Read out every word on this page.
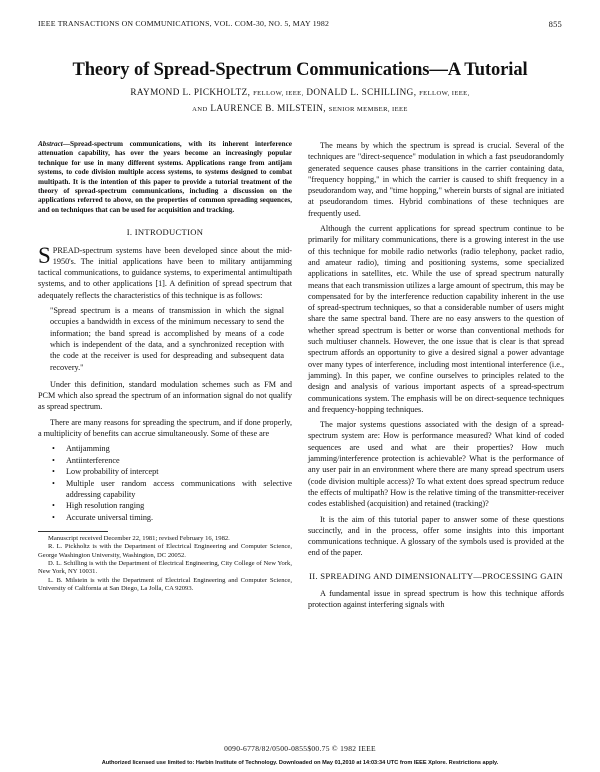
IEEE TRANSACTIONS ON COMMUNICATIONS, VOL. COM-30, NO. 5, MAY 1982	855
Theory of Spread-Spectrum Communications—A Tutorial
RAYMOND L. PICKHOLTZ, FELLOW, IEEE, DONALD L. SCHILLING, FELLOW, IEEE,
AND LAURENCE B. MILSTEIN, SENIOR MEMBER, IEEE
Abstract—Spread-spectrum communications, with its inherent interference attenuation capability, has over the years become an increasingly popular technique for use in many different systems. Applications range from antijam systems, to code division multiple access systems, to systems designed to combat multipath. It is the intention of this paper to provide a tutorial treatment of the theory of spread-spectrum communications, including a discussion on the applications referred to above, on the properties of common spreading sequences, and on techniques that can be used for acquisition and tracking.
I. INTRODUCTION

SPREAD-spectrum systems have been developed since about the mid-1950's. The initial applications have been to military antijamming tactical communications, to guidance systems, to experimental antimultipath systems, and to other applications [1]. A definition of spread spectrum that adequately reflects the characteristics of this technique is as follows:

"Spread spectrum is a means of transmission in which the signal occupies a bandwidth in excess of the minimum necessary to send the information; the band spread is accomplished by means of a code which is independent of the data, and a synchronized reception with the code at the receiver is used for despreading and subsequent data recovery."

Under this definition, standard modulation schemes such as FM and PCM which also spread the spectrum of an information signal do not qualify as spread spectrum.

There are many reasons for spreading the spectrum, and if done properly, a multiplicity of benefits can accrue simultaneously. Some of these are

• Antijamming
• Antiinterference
• Low probability of intercept
• Multiple user random access communications with selective addressing capability
• High resolution ranging
• Accurate universal timing.

Manuscript received December 22, 1981; revised February 16, 1982.

R. L. Pickholtz is with the Department of Electrical Engineering and Computer Science, George Washington University, Washington, DC 20052.

D. L. Schilling is with the Department of Electrical Engineering, City College of New York, New York, NY 10031.

L. B. Milstein is with the Department of Electrical Engineering and Computer Science, University of California at San Diego, La Jolla, CA 92093.

The means by which the spectrum is spread is crucial. Several of the techniques are "direct-sequence" modulation in which a fast pseudorandomly generated sequence causes phase transitions in the carrier containing data, "frequency hopping," in which the carrier is caused to shift frequency in a pseudorandom way, and "time hopping," wherein bursts of signal are initiated at pseudorandom times. Hybrid combinations of these techniques are frequently used.

Although the current applications for spread spectrum continue to be primarily for military communications, there is a growing interest in the use of this technique for mobile radio networks (radio telephony, packet radio, and amateur radio), timing and positioning systems, some specialized applications in satellites, etc. While the use of spread spectrum naturally means that each transmission utilizes a large amount of spectrum, this may be compensated for by the interference reduction capability inherent in the use of spread-spectrum techniques, so that a considerable number of users might share the same spectral band. There are no easy answers to the question of whether spread spectrum is better or worse than conventional methods for such multiuser channels. However, the one issue that is clear is that spread spectrum affords an opportunity to give a desired signal a power advantage over many types of interference, including most intentional interference (i.e., jamming). In this paper, we confine ourselves to principles related to the design and analysis of various important aspects of a spread-spectrum communications system. The emphasis will be on direct-sequence techniques and frequency-hopping techniques.

The major systems questions associated with the design of a spread-spectrum system are: How is performance measured? What kind of coded sequences are used and what are their properties? How much jamming/interference protection is achievable? What is the performance of any user pair in an environment where there are many spread spectrum users (code division multiple access)? To what extent does spread spectrum reduce the effects of multipath? How is the relative timing of the transmitter-receiver codes established (acquisition) and retained (tracking)?

It is the aim of this tutorial paper to answer some of these questions succinctly, and in the process, offer some insights into this important communications technique. A glossary of the symbols used is provided at the end of the paper.

II. SPREADING AND DIMENSIONALITY—PROCESSING GAIN

A fundamental issue in spread spectrum is how this technique affords protection against interfering signals with

0090-6778/82/0500-0855$00.75 © 1982 IEEE
Authorized licensed use limited to: Harbin Institute of Technology. Downloaded on May 01,2010 at 14:03:34 UTC from IEEE Xplore. Restrictions apply.
